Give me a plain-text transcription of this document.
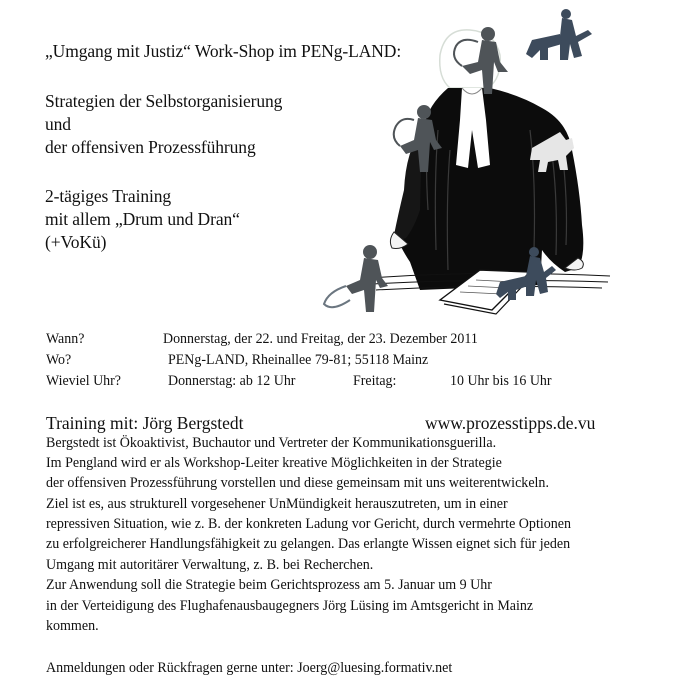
„Umgang mit Justiz“ Work-Shop im PENg-LAND:
Strategien der Selbstorganisierung
und
der offensiven Prozessführung
2-tägiges Training
mit allem „Drum und Dran“
(+VoKü)
Wann?	Donnerstag, der 22. und Freitag, der 23. Dezember 2011
Wo?	PENg-LAND, Rheinallee 79-81; 55118 Mainz
Wieviel Uhr?	Donnerstag: ab 12 Uhr	Freitag:	10 Uhr bis 16 Uhr
Training mit: Jörg Bergstedt	www.prozesstipps.de.vu
Bergstedt ist Ökoaktivist, Buchautor und Vertreter der Kommunikationsguerilla.
Im Pengland wird er als Workshop-Leiter kreative Möglichkeiten in der Strategie
der offensiven Prozessführung vorstellen und diese gemeinsam mit uns weiterentwickeln.
Ziel ist es, aus strukturell vorgesehener UnMündigkeit herauszutreten, um in einer
repressiven Situation, wie z. B. der konkreten Ladung vor Gericht, durch vermehrte Optionen
zu erfolgreicherer Handlungsfähigkeit zu gelangen. Das erlangte Wissen eignet sich für jeden
Umgang mit autoritärer Verwaltung, z. B. bei Recherchen.
Zur Anwendung soll die Strategie beim Gerichtsprozess am 5. Januar um 9 Uhr
in der Verteidigung des Flughafenausbaugegners Jörg Lüsing im Amtsgericht in Mainz
kommen.
Anmeldungen oder Rückfragen gerne unter: Joerg@luesing.formativ.net
